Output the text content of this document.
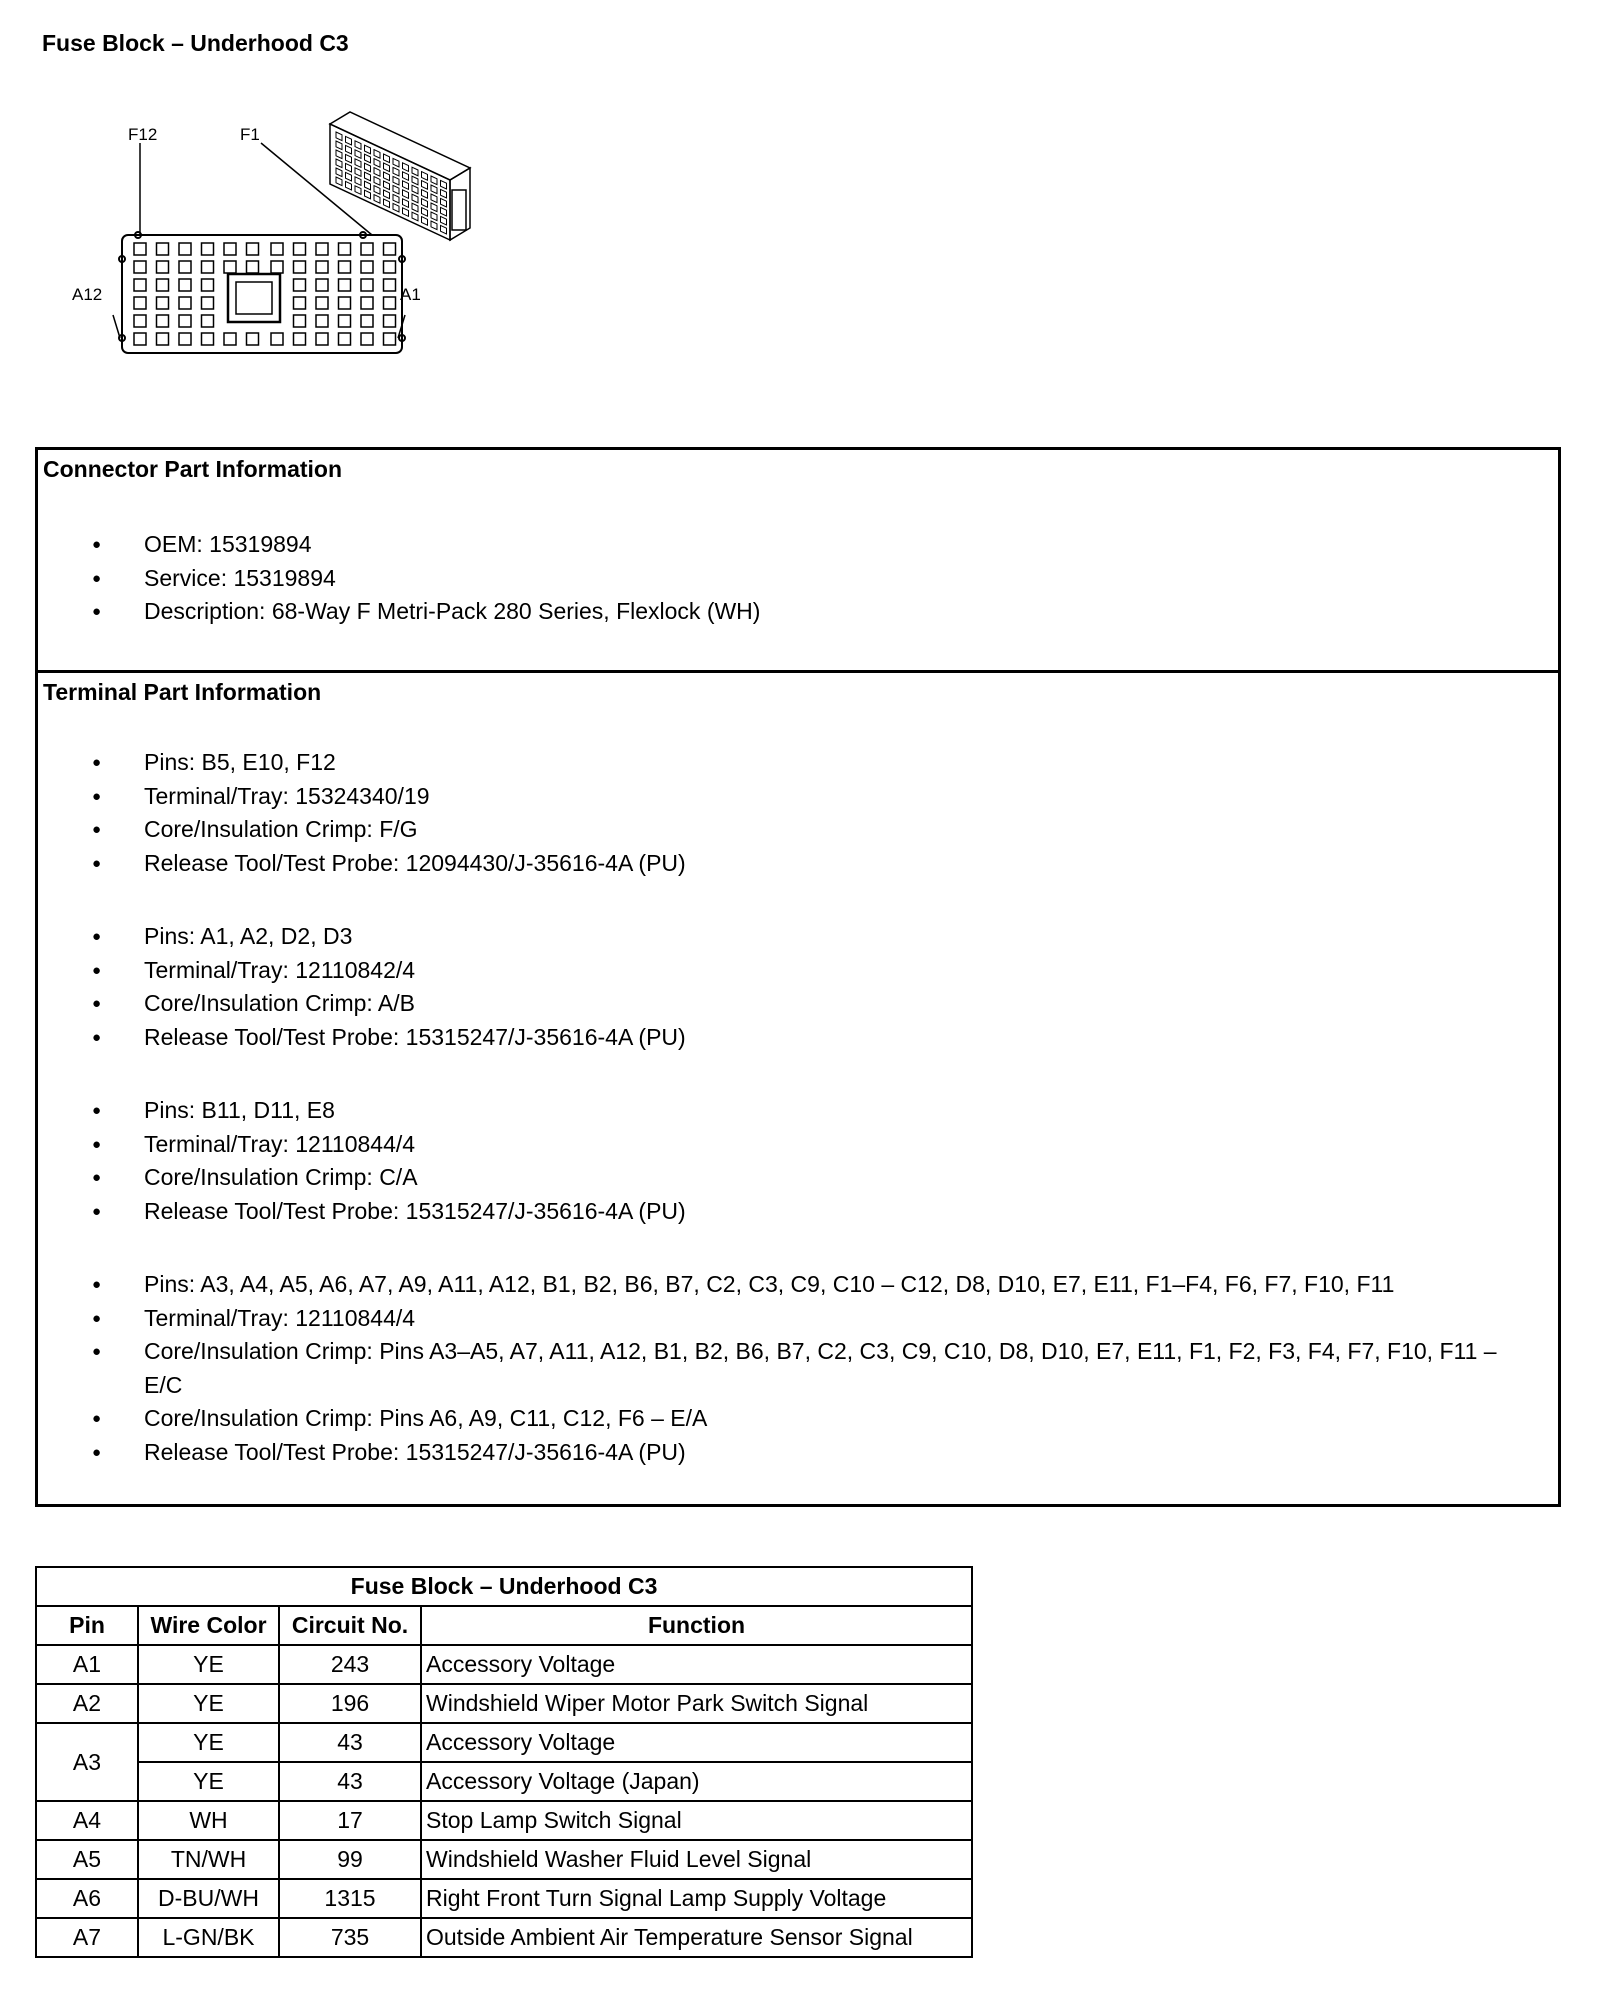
Fuse Block – Underhood C3
F12	F1
A12	A1
Connector Part Information
● OEM: 15319894
● Service: 15319894
● Description: 68-Way F Metri-Pack 280 Series, Flexlock (WH)
Terminal Part Information
● Pins: B5, E10, F12
● Terminal/Tray: 15324340/19
● Core/Insulation Crimp: F/G
● Release Tool/Test Probe: 12094430/J-35616-4A (PU)
● Pins: A1, A2, D2, D3
● Terminal/Tray: 12110842/4
● Core/Insulation Crimp: A/B
● Release Tool/Test Probe: 15315247/J-35616-4A (PU)
● Pins: B11, D11, E8
● Terminal/Tray: 12110844/4
● Core/Insulation Crimp: C/A
● Release Tool/Test Probe: 15315247/J-35616-4A (PU)
● Pins: A3, A4, A5, A6, A7, A9, A11, A12, B1, B2, B6, B7, C2, C3, C9, C10 – C12, D8, D10, E7, E11, F1–F4, F6, F7, F10, F11
● Terminal/Tray: 12110844/4
● Core/Insulation Crimp: Pins A3–A5, A7, A11, A12, B1, B2, B6, B7, C2, C3, C9, C10, D8, D10, E7, E11, F1, F2, F3, F4, F7, F10, F11 – E/C
● Core/Insulation Crimp: Pins A6, A9, C11, C12, F6 – E/A
● Release Tool/Test Probe: 15315247/J-35616-4A (PU)
Fuse Block – Underhood C3			
Pin	Wire Color	Circuit No.	Function
A1	YE	243	Accessory Voltage
A2	YE	196	Windshield Wiper Motor Park Switch Signal
A3	YE	43	Accessory Voltage
	YE	43	Accessory Voltage (Japan)
A4	WH	17	Stop Lamp Switch Signal
A5	TN/WH	99	Windshield Washer Fluid Level Signal
A6	D-BU/WH	1315	Right Front Turn Signal Lamp Supply Voltage
A7	L-GN/BK	735	Outside Ambient Air Temperature Sensor Signal
